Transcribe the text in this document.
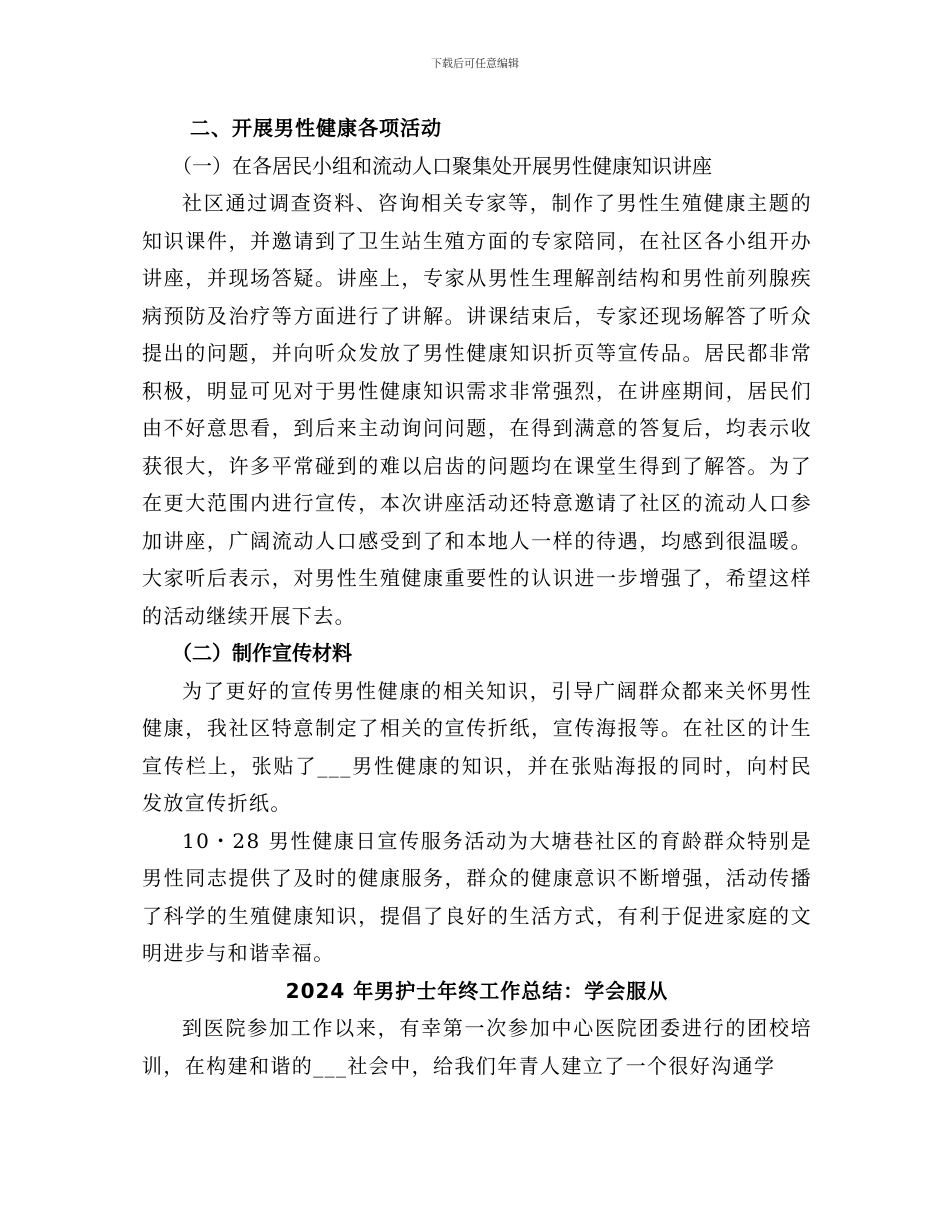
下载后可任意编辑
二、开展男性健康各项活动
（一）在各居民小组和流动人口聚集处开展男性健康知识讲座

社区通过调查资料、咨询相关专家等，制作了男性生殖健康主题的知识课件，并邀请到了卫生站生殖方面的专家陪同，在社区各小组开办讲座，并现场答疑。讲座上，专家从男性生理解剖结构和男性前列腺疾病预防及治疗等方面进行了讲解。讲课结束后，专家还现场解答了听众提出的问题，并向听众发放了男性健康知识折页等宣传品。居民都非常积极，明显可见对于男性健康知识需求非常强烈，在讲座期间，居民们由不好意思看，到后来主动询问问题，在得到满意的答复后，均表示收获很大，许多平常碰到的难以启齿的问题均在课堂生得到了解答。为了在更大范围内进行宣传，本次讲座活动还特意邀请了社区的流动人口参加讲座，广阔流动人口感受到了和本地人一样的待遇，均感到很温暖。大家听后表示，对男性生殖健康重要性的认识进一步增强了，希望这样的活动继续开展下去。

（二）制作宣传材料

为了更好的宣传男性健康的相关知识，引导广阔群众都来关怀男性健康，我社区特意制定了相关的宣传折纸，宣传海报等。在社区的计生宣传栏上，张贴了___男性健康的知识，并在张贴海报的同时，向村民发放宣传折纸。

10・28 男性健康日宣传服务活动为大塘巷社区的育龄群众特别是男性同志提供了及时的健康服务，群众的健康意识不断增强，活动传播了科学的生殖健康知识，提倡了良好的生活方式，有利于促进家庭的文明进步与和谐幸福。

2024 年男护士年终工作总结：学会服从

到医院参加工作以来，有幸第一次参加中心医院团委进行的团校培训，在构建和谐的___社会中，给我们年青人建立了一个很好沟通学
